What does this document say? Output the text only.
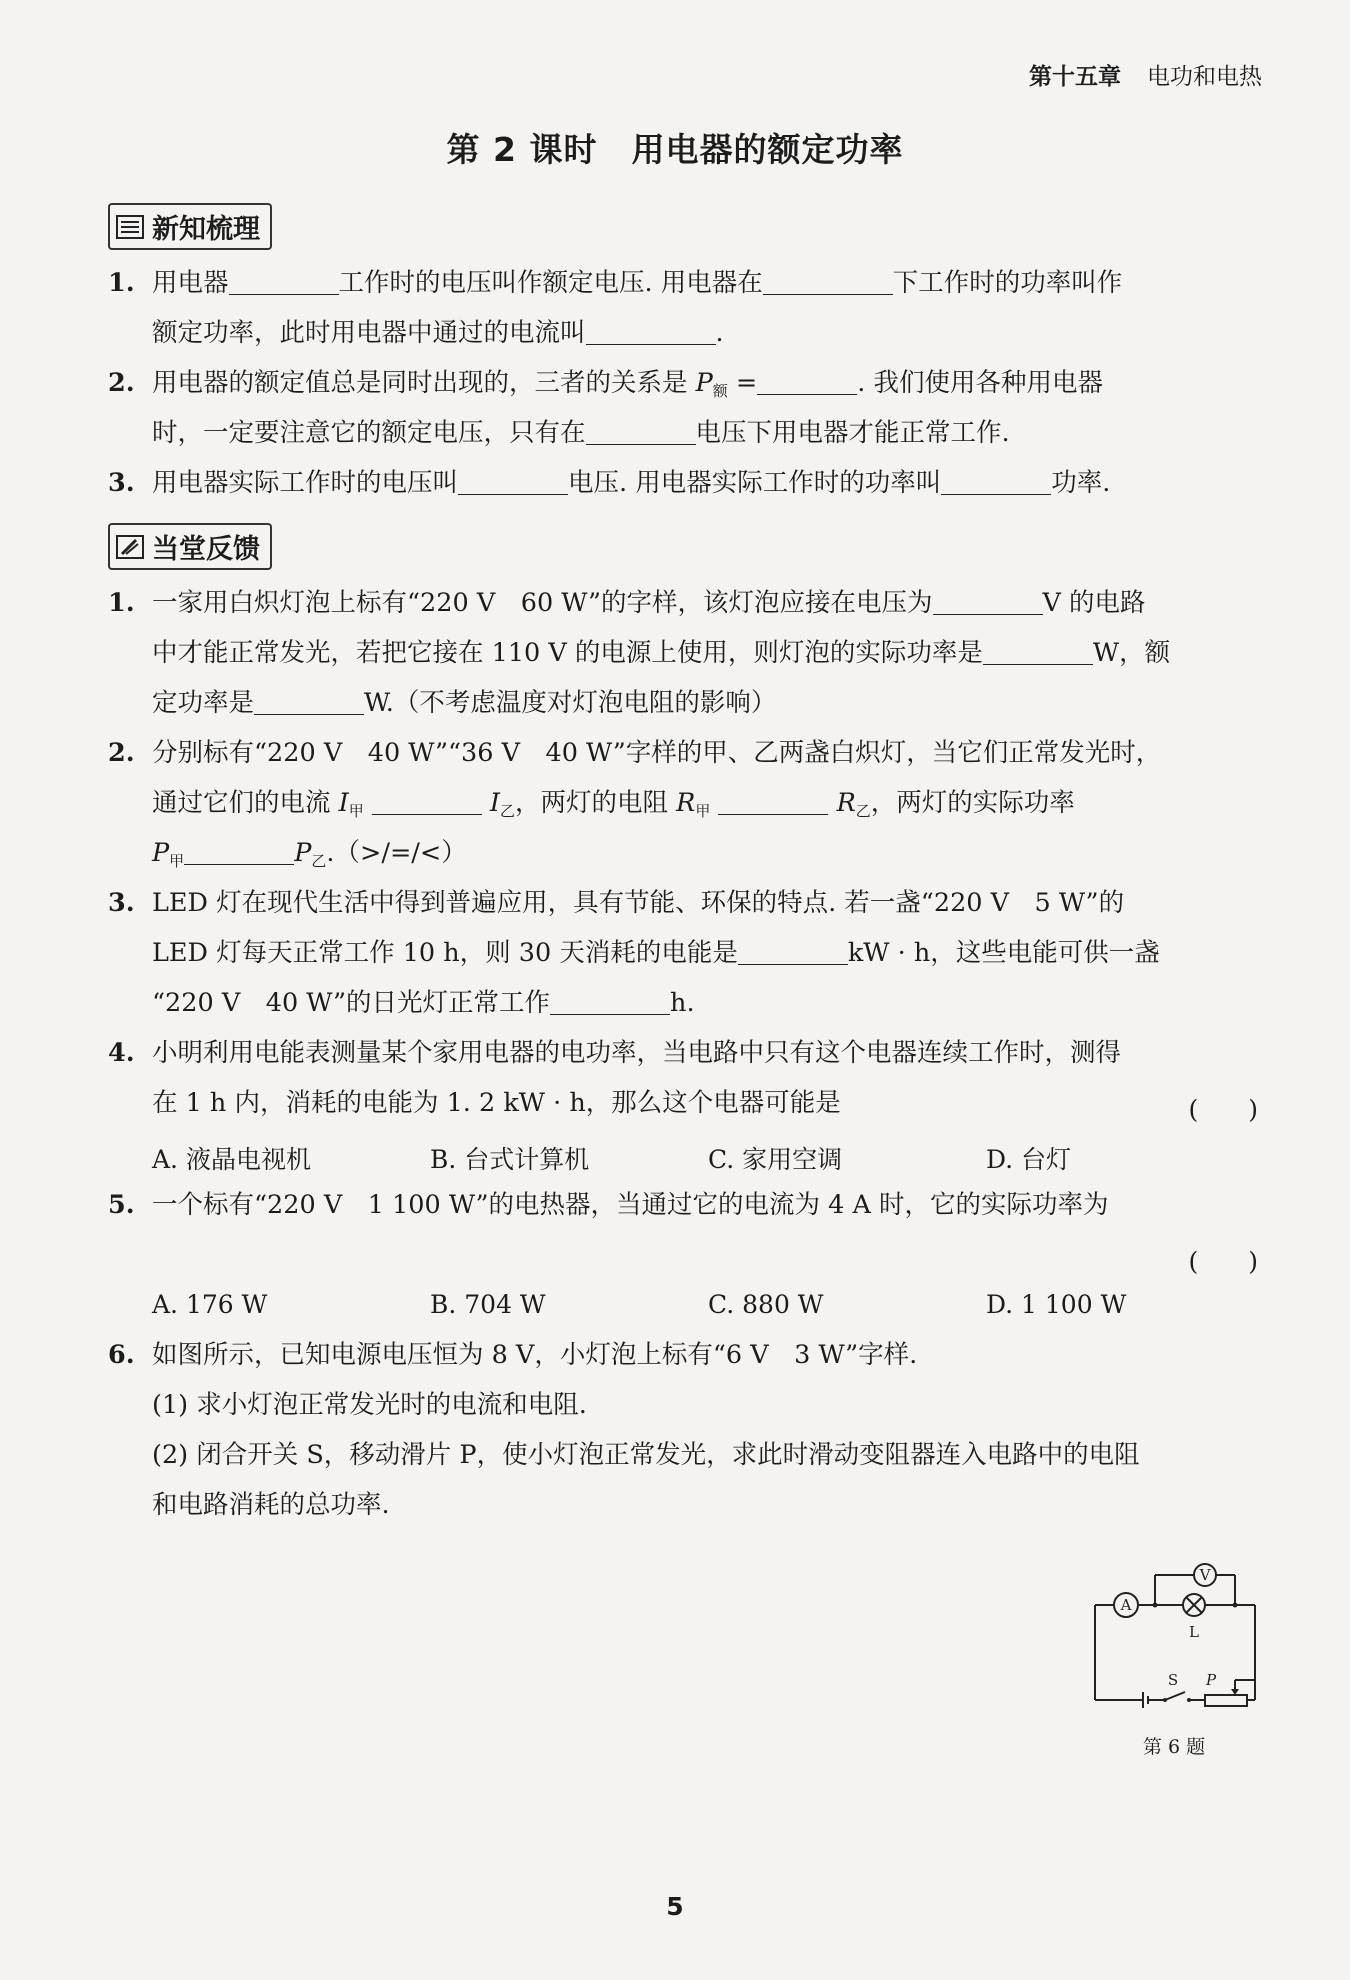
第十五章 电功和电热
第 2 课时　用电器的额定功率
新知梳理
1. 用电器	工作时的电压叫作额定电压. 用电器在	下工作时的功率叫作
额定功率，此时用电器中通过的电流叫	.
2. 用电器的额定值总是同时出现的，三者的关系是 $P_额$ =	. 我们使用各种用电器
时，一定要注意它的额定电压，只有在	电压下用电器才能正常工作.
3. 用电器实际工作时的电压叫	电压. 用电器实际工作时的功率叫	功率.
当堂反馈
1. 一家用白炽灯泡上标有“220 V　60 W”的字样，该灯泡应接在电压为	V 的电路
中才能正常发光，若把它接在 110 V 的电源上使用，则灯泡的实际功率是	W，额
定功率是	W.（不考虑温度对灯泡电阻的影响）
2. 分别标有“220 V　40 W”“36 V　40 W”字样的甲、乙两盏白炽灯，当它们正常发光时，
通过它们的电流 $I_甲$	$I_乙$，两灯的电阻 $R_甲$	$R_乙$，两灯的实际功率
$P_甲$	$P_乙.(>/=/<)$
3. LED 灯在现代生活中得到普遍应用，具有节能、环保的特点. 若一盏“220 V　5 W”的
LED 灯每天正常工作 10 h，则 30 天消耗的电能是	kW · h，这些电能可供一盏
“220 V　40 W”的日光灯正常工作	h.
4. 小明利用电能表测量某个家用电器的电功率，当电路中只有这个电器连续工作时，测得
在 1 h 内，消耗的电能为 1. 2 kW · h，那么这个电器可能是	(　　)
A. 液晶电视机	B. 台式计算机	C. 家用空调	D. 台灯
5. 一个标有“220 V　1 100 W”的电热器，当通过它的电流为 4 A 时，它的实际功率为
(　　)
A. 176 W	B. 704 W	C. 880 W	D. 1 100 W
6. 如图所示，已知电源电压恒为 8 V，小灯泡上标有“6 V　3 W”字样.
(1) 求小灯泡正常发光时的电流和电阻.
(2) 闭合开关 S，移动滑片 P，使小灯泡正常发光，求此时滑动变阻器连入电路中的电阻
和电路消耗的总功率.
A
V
L
S P
第 6 题
5
